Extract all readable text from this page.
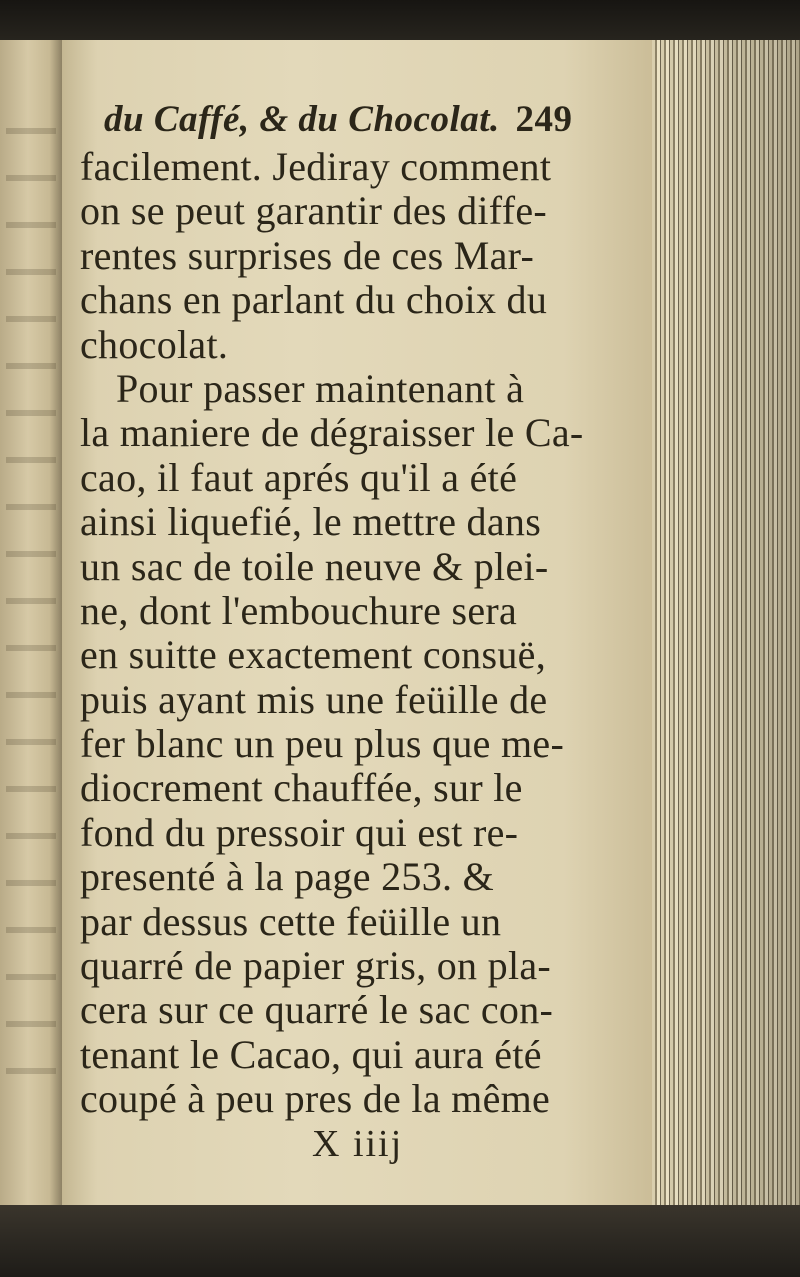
du Caffé, & du Chocolat. 249
facilement. Jediray comment
on se peut garantir des diffe-
rentes surprises de ces Mar-
chans en parlant du choix du
chocolat.
Pour passer maintenant à
la maniere de dégraisser le Ca-
cao, il faut aprés qu'il a été
ainsi liquefié, le mettre dans
un sac de toile neuve & plei-
ne, dont l'embouchure sera
en suitte exactement consuë,
puis ayant mis une feüille de
fer blanc un peu plus que me-
diocrement chauffée, sur le
fond du pressoir qui est re-
presenté à la page 253. &
par dessus cette feüille un
quarré de papier gris, on pla-
cera sur ce quarré le sac con-
tenant le Cacao, qui aura été
coupé à peu pres de la même
X iiij
